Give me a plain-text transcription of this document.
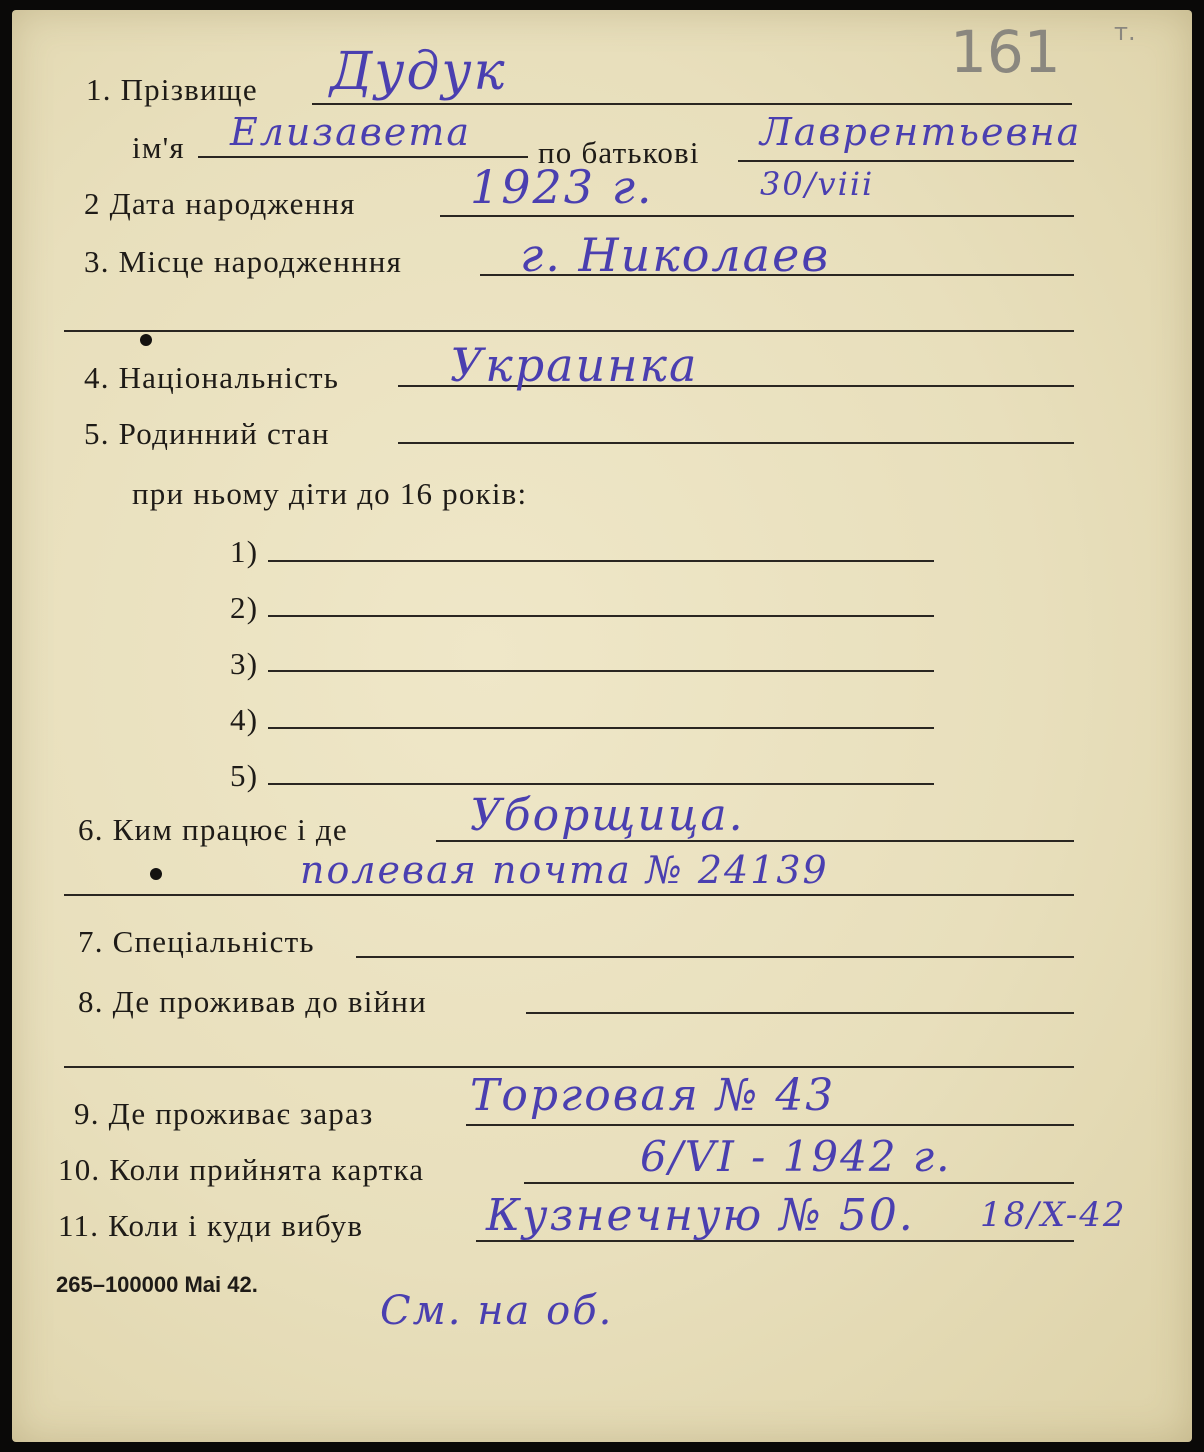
161 т.
1. Прізвище Дудук
ім'я Елизавета по батькові Лаврентьевна
2 Дата народження 1923 г.	30/viii
3. Місце народженння	г. Николаев
4. Національність Украинка
5. Родинний стан
при ньому діти до 16 років:
1)
2)
3)
4)
5)
6. Ким працює і де	Уборщица.
полевая почта № 24139
7. Спеціальність
8. Де проживав до війни
9. Де проживає зараз Торговая № 43
10. Коли прийнята картка	6/VI - 1942 г.
11. Коли і куди вибув	Кузнечную № 50. 18/X-42
265–100000 Mai 42.
См. на об.
